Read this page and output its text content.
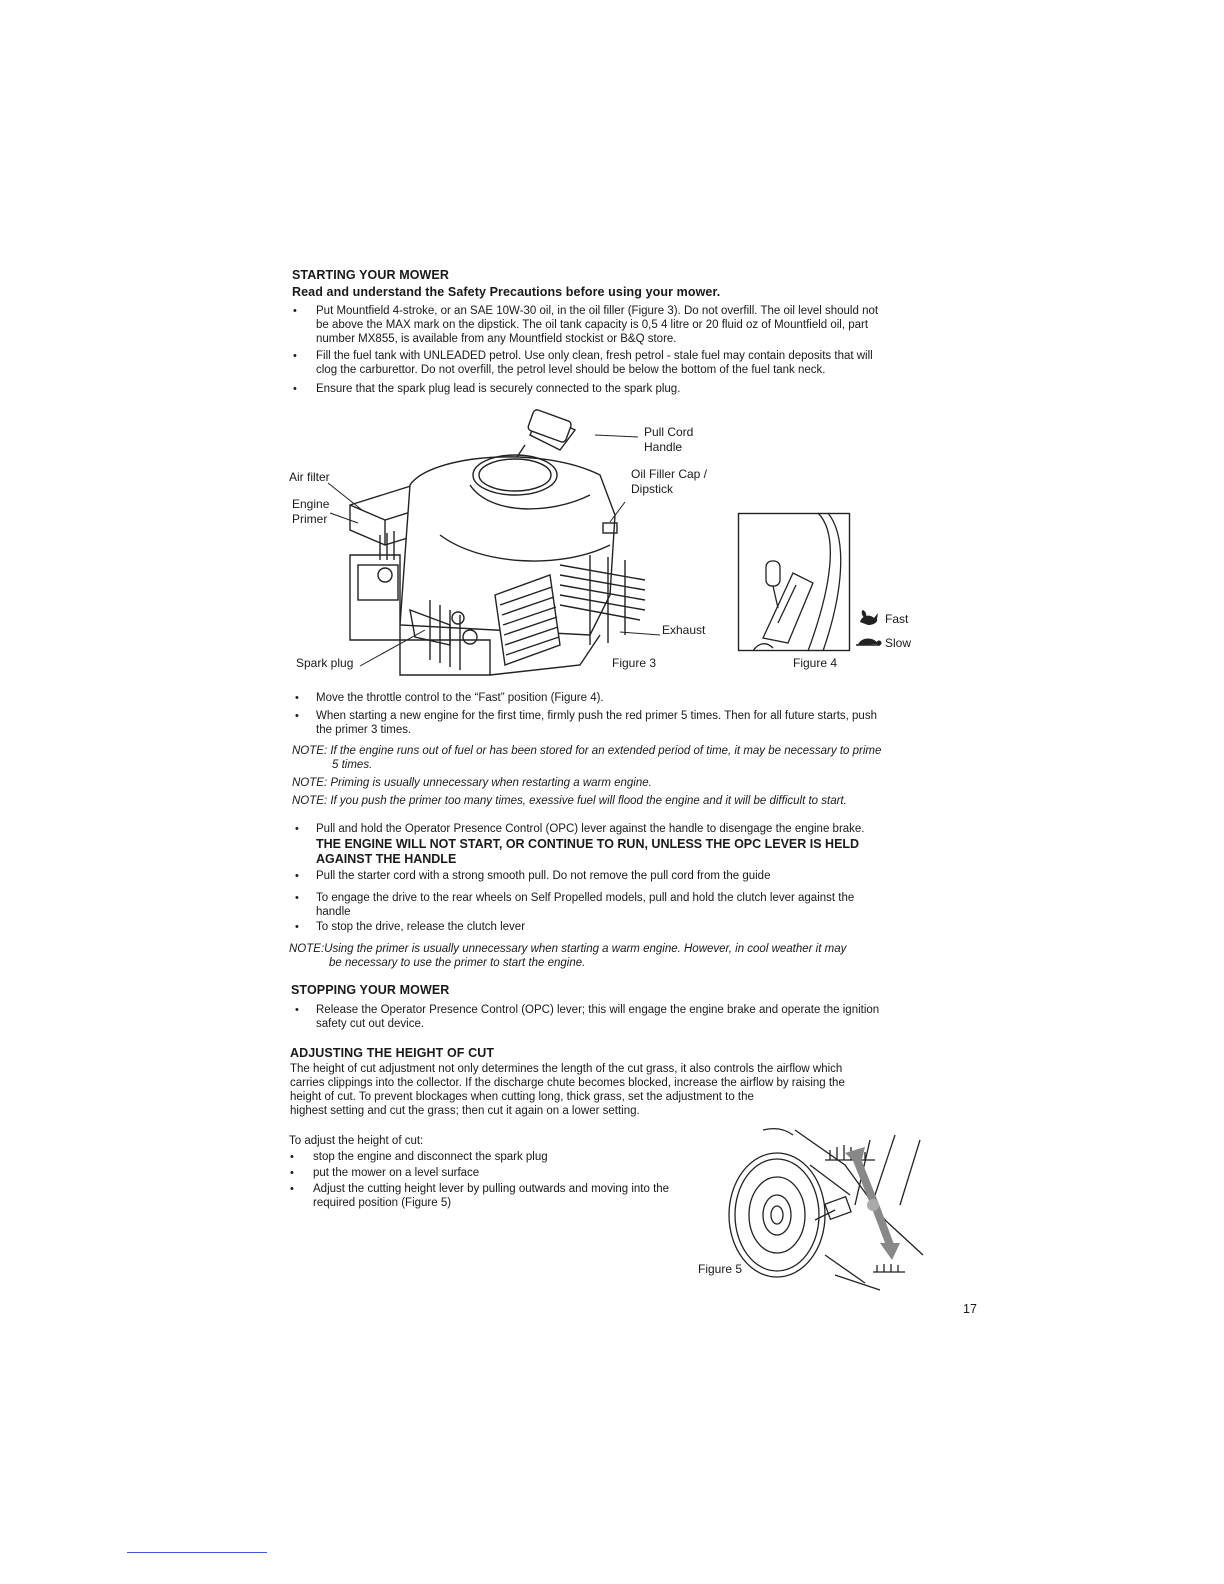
STARTING YOUR MOWER
Read and understand the Safety Precautions before using your mower.
• Put Mountfield 4-stroke, or an SAE 10W-30 oil, in the oil filler (Figure 3). Do not overfill. The oil level should not
be above the MAX mark on the dipstick. The oil tank capacity is 0,5 4 litre or 20 fluid oz of Mountfield oil, part
number MX855, is available from any Mountfield stockist or B&Q store.
• Fill the fuel tank with UNLEADED petrol. Use only clean, fresh petrol - stale fuel may contain deposits that will
clog the carburettor. Do not overfill, the petrol level should be below the bottom of the fuel tank neck.
• Ensure that the spark plug lead is securely connected to the spark plug.
Pull Cord
Handle
Air filter
Engine
Primer
Oil Filler Cap /
Dipstick
Exhaust
Spark plug	Figure 3
Fast
Slow
Figure 4
• Move the throttle control to the “Fast” position (Figure 4).
• When starting a new engine for the first time, firmly push the red primer 5 times. Then for all future starts, push
the primer 3 times.
NOTE: If the engine runs out of fuel or has been stored for an extended period of time, it may be necessary to prime
5 times.
NOTE: Priming is usually unnecessary when restarting a warm engine.
NOTE: If you push the primer too many times, exessive fuel will flood the engine and it will be difficult to start.
• Pull and hold the Operator Presence Control (OPC) lever against the handle to disengage the engine brake.
THE ENGINE WILL NOT START, OR CONTINUE TO RUN, UNLESS THE OPC LEVER IS HELD
AGAINST THE HANDLE
• Pull the starter cord with a strong smooth pull. Do not remove the pull cord from the guide
• To engage the drive to the rear wheels on Self Propelled models, pull and hold the clutch lever against the
handle
• To stop the drive, release the clutch lever
NOTE:Using the primer is usually unnecessary when starting a warm engine. However, in cool weather it may
be necessary to use the primer to start the engine.
STOPPING YOUR MOWER
• Release the Operator Presence Control (OPC) lever; this will engage the engine brake and operate the ignition
safety cut out device.
ADJUSTING THE HEIGHT OF CUT
The height of cut adjustment not only determines the length of the cut grass, it also controls the airflow which
carries clippings into the collector. If the discharge chute becomes blocked, increase the airflow by raising the
height of cut. To prevent blockages when cutting long, thick grass, set the adjustment to the
highest setting and cut the grass; then cut it again on a lower setting.
To adjust the height of cut:
• stop the engine and disconnect the spark plug
• put the mower on a level surface
• Adjust the cutting height lever by pulling outwards and moving into the
required position (Figure 5)
Figure 5
17
